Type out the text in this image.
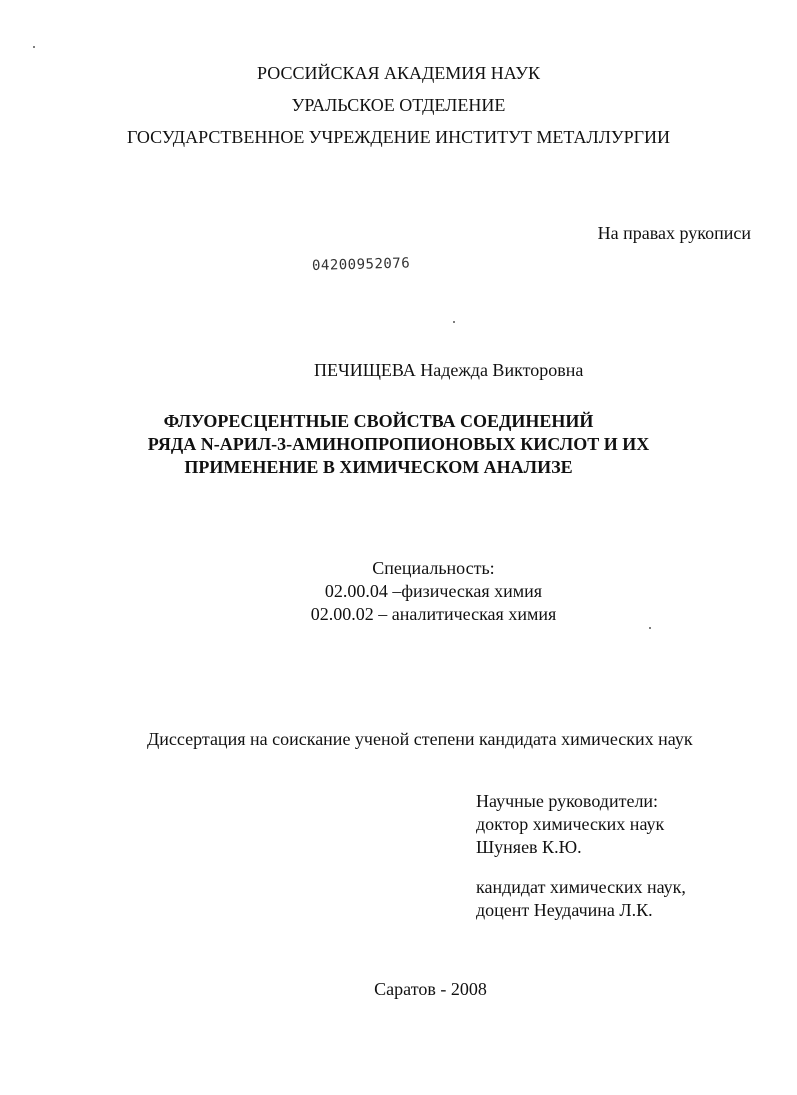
РОССИЙСКАЯ АКАДЕМИЯ НАУК
УРАЛЬСКОЕ ОТДЕЛЕНИЕ
ГОСУДАРСТВЕННОЕ УЧРЕЖДЕНИЕ ИНСТИТУТ МЕТАЛЛУРГИИ
На правах рукописи
04200952076
ПЕЧИЩЕВА Надежда Викторовна
ФЛУОРЕСЦЕНТНЫЕ СВОЙСТВА СОЕДИНЕНИЙ
РЯДА N-АРИЛ-3-АМИНОПРОПИОНОВЫХ КИСЛОТ И ИХ
ПРИМЕНЕНИЕ В ХИМИЧЕСКОМ АНАЛИЗЕ
Специальность:
02.00.04 –физическая химия
02.00.02 – аналитическая химия
Диссертация на соискание ученой степени кандидата химических наук
Научные руководители:
доктор химических наук
Шуняев К.Ю.
кандидат химических наук,
доцент Неудачина Л.К.
Саратов - 2008
